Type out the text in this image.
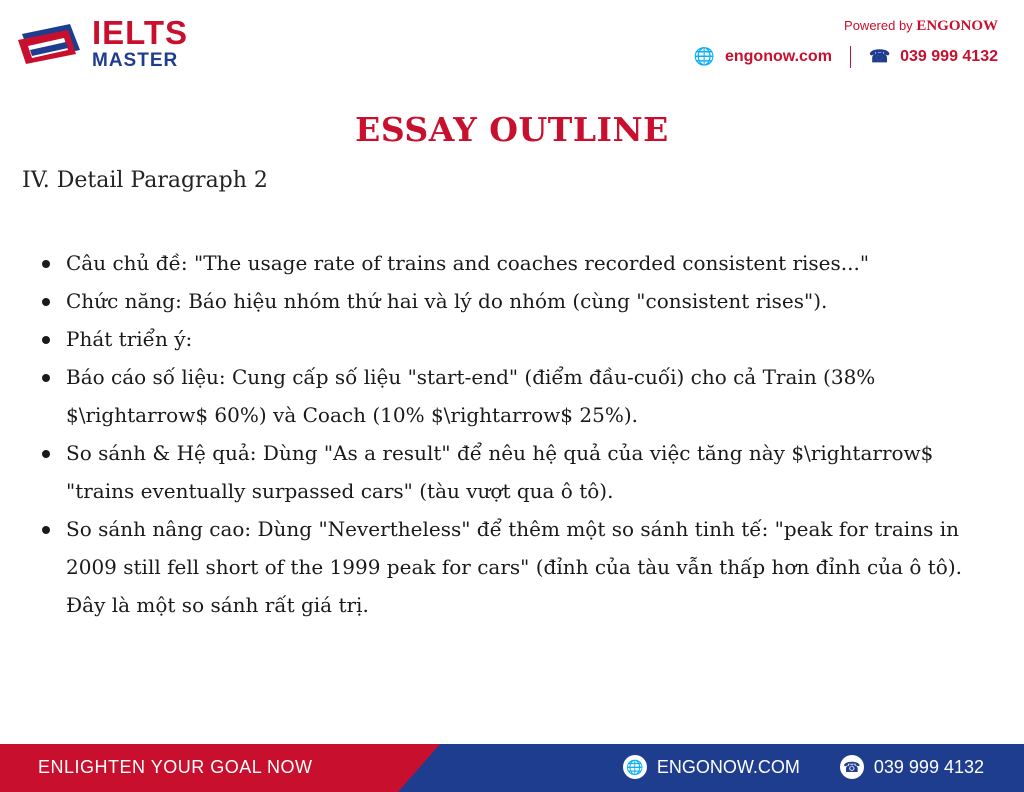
IELTS
MASTER
Powered by ENGONOW
🌐 engonow.com ☎ 039 999 4132
ESSAY OUTLINE
IV. Detail Paragraph 2
Câu chủ đề: "The usage rate of trains and coaches recorded consistent rises..."
Chức năng: Báo hiệu nhóm thứ hai và lý do nhóm (cùng "consistent rises").
Phát triển ý:
Báo cáo số liệu: Cung cấp số liệu "start-end" (điểm đầu-cuối) cho cả Train (38% $\rightarrow$ 60%) và Coach (10% $\rightarrow$ 25%).
So sánh & Hệ quả: Dùng "As a result" để nêu hệ quả của việc tăng này $\rightarrow$ "trains eventually surpassed cars" (tàu vượt qua ô tô).
So sánh nâng cao: Dùng "Nevertheless" để thêm một so sánh tinh tế: "peak for trains in 2009 still fell short of the 1999 peak for cars" (đỉnh của tàu vẫn thấp hơn đỉnh của ô tô). Đây là một so sánh rất giá trị.
ENLIGHTEN YOUR GOAL NOW	🌐 ENGONOW.COM	☎ 039 999 4132
